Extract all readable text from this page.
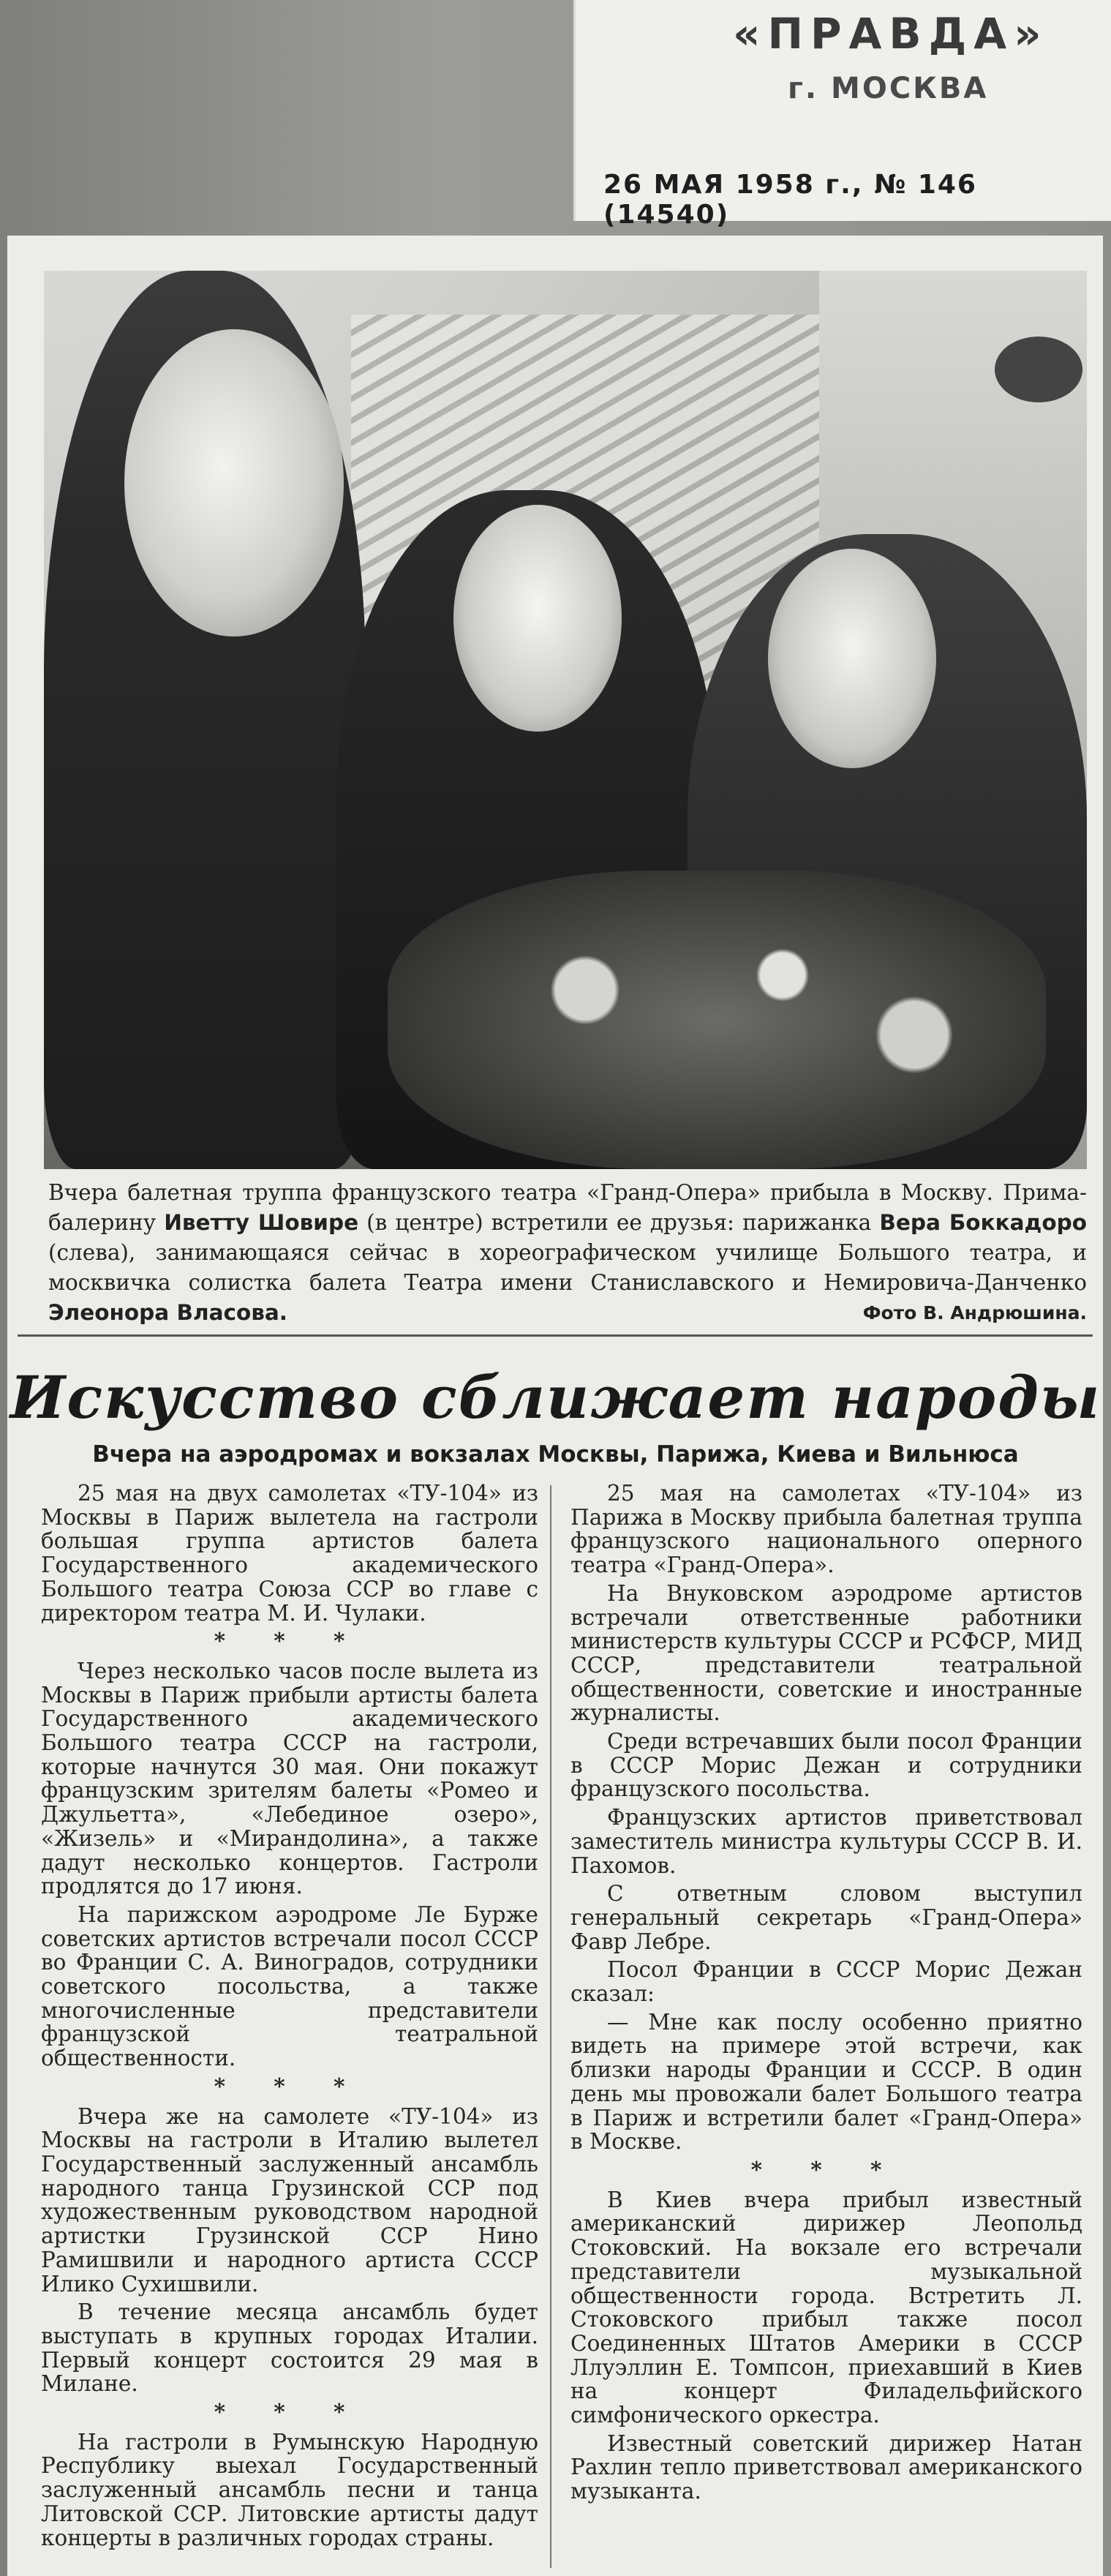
«ПРАВДА»
г. МОСКВА
26 МАЯ 1958 г., № 146 (14540)
Вчера балетная труппа французского театра «Гранд-Опера» прибыла в Москву. Прима-балерину Иветту Шовире (в центре) встретили ее друзья: парижанка Вера Боккадоро (слева), занимающаяся сейчас в хореографическом училище Большого театра, и москвичка солистка балета Театра имени Станиславского и Немировича-Данченко Элеонора Власова.	Фото В. Андрюшина.
Искусство сближает народы
Вчера на аэродромах и вокзалах Москвы, Парижа, Киева и Вильнюса

25 мая на двух самолетах «ТУ-104» из Москвы в Париж вылетела на гастроли большая группа артистов балета Государственного академического Большого театра Союза ССР во главе с директором театра М. И. Чулаки.

* * *

Через несколько часов после вылета из Москвы в Париж прибыли артисты балета Государственного академического Большого театра СССР на гастроли, которые начнутся 30 мая. Они покажут французским зрителям балеты «Ромео и Джульетта», «Лебединое озеро», «Жизель» и «Мирандолина», а также дадут несколько концертов. Гастроли продлятся до 17 июня.

На парижском аэродроме Ле Бурже советских артистов встречали посол СССР во Франции С. А. Виноградов, сотрудники советского посольства, а также многочисленные представители французской театральной общественности.

* * *

Вчера же на самолете «ТУ-104» из Москвы на гастроли в Италию вылетел Государственный заслуженный ансамбль народного танца Грузинской ССР под художественным руководством народной артистки Грузинской ССР Нино Рамишвили и народного артиста СССР Илико Сухишвили.

В течение месяца ансамбль будет выступать в крупных городах Италии. Первый концерт состоится 29 мая в Милане.

* * *

На гастроли в Румынскую Народную Республику выехал Государственный заслуженный ансамбль песни и танца Литовской ССР. Литовские артисты дадут концерты в различных городах страны.

25 мая на самолетах «ТУ-104» из Парижа в Москву прибыла балетная труппа французского национального оперного театра «Гранд-Опера».

На Внуковском аэродроме артистов встречали ответственные работники министерств культуры СССР и РСФСР, МИД СССР, представители театральной общественности, советские и иностранные журналисты.

Среди встречавших были посол Франции в СССР Морис Дежан и сотрудники французского посольства.

Французских артистов приветствовал заместитель министра культуры СССР В. И. Пахомов.

С ответным словом выступил генеральный секретарь «Гранд-Опера» Фавр Лебре.

Посол Франции в СССР Морис Дежан сказал:

— Мне как послу особенно приятно видеть на примере этой встречи, как близки народы Франции и СССР. В один день мы провожали балет Большого театра в Париж и встретили балет «Гранд-Опера» в Москве.

* * *

В Киев вчера прибыл известный американский дирижер Леопольд Стоковский. На вокзале его встречали представители музыкальной общественности города. Встретить Л. Стоковского прибыл также посол Соединенных Штатов Америки в СССР Ллуэллин Е. Томпсон, приехавший в Киев на концерт Филадельфийского симфонического оркестра.

Известный советский дирижер Натан Рахлин тепло приветствовал американского музыканта.
